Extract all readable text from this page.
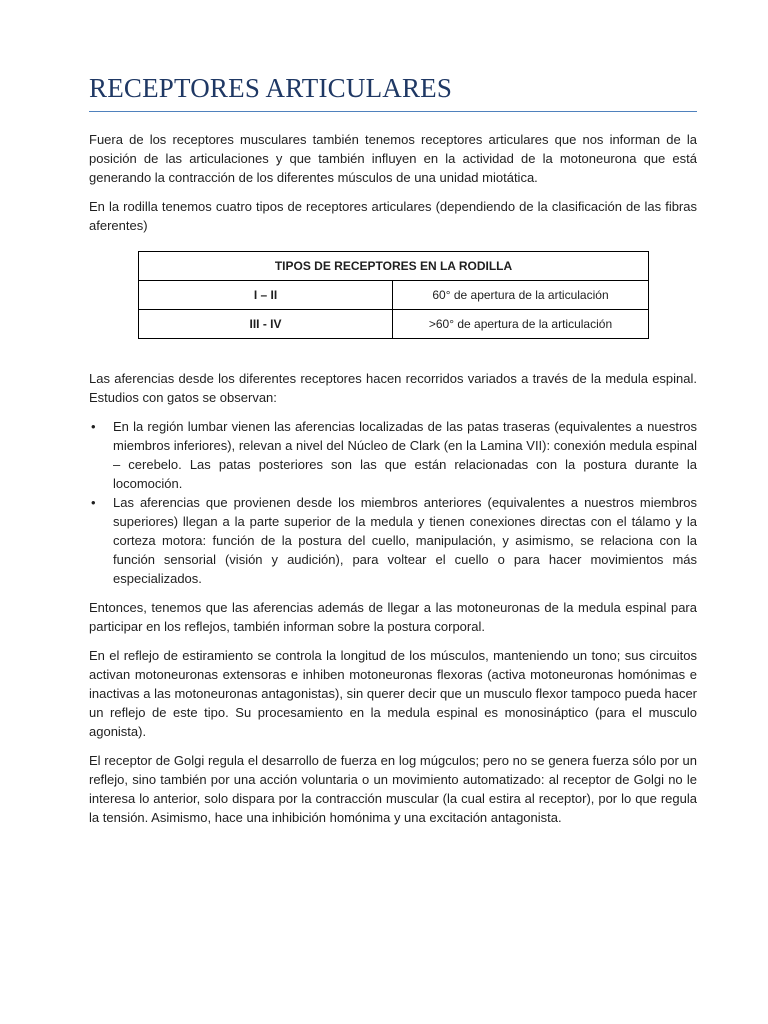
RECEPTORES ARTICULARES

Fuera de los receptores musculares también tenemos receptores articulares que nos informan de la posición de las articulaciones y que también influyen en la actividad de la motoneurona que está generando la contracción de los diferentes músculos de una unidad miotática.

En la rodilla tenemos cuatro tipos de receptores articulares (dependiendo de la clasificación de las fibras aferentes)

TIPOS DE RECEPTORES EN LA RODILLA	
I – II	60° de apertura de la articulación
III - IV	>60° de apertura de la articulación

Las aferencias desde los diferentes receptores hacen recorridos variados a través de la medula espinal. Estudios con gatos se observan:

• En la región lumbar vienen las aferencias localizadas de las patas traseras (equivalentes a nuestros miembros inferiores), relevan a nivel del Núcleo de Clark (en la Lamina VII): conexión medula espinal – cerebelo. Las patas posteriores son las que están relacionadas con la postura durante la locomoción.
• Las aferencias que provienen desde los miembros anteriores (equivalentes a nuestros miembros superiores) llegan a la parte superior de la medula y tienen conexiones directas con el tálamo y la corteza motora: función de la postura del cuello, manipulación, y asimismo, se relaciona con la función sensorial (visión y audición), para voltear el cuello o para hacer movimientos más especializados.

Entonces, tenemos que las aferencias además de llegar a las motoneuronas de la medula espinal para participar en los reflejos, también informan sobre la postura corporal.

En el reflejo de estiramiento se controla la longitud de los músculos, manteniendo un tono; sus circuitos activan motoneuronas extensoras e inhiben motoneuronas flexoras (activa motoneuronas homónimas e inactivas a las motoneuronas antagonistas), sin querer decir que un musculo flexor tampoco pueda hacer un reflejo de este tipo. Su procesamiento en la medula espinal es monosináptico (para el musculo agonista).

El receptor de Golgi regula el desarrollo de fuerza en log múgculos; pero no se genera fuerza sólo por un reflejo, sino también por una acción voluntaria o un movimiento automatizado: al receptor de Golgi no le interesa lo anterior, solo dispara por la contracción muscular (la cual estira al receptor), por lo que regula la tensión. Asimismo, hace una inhibición homónima y una excitación antagonista.
